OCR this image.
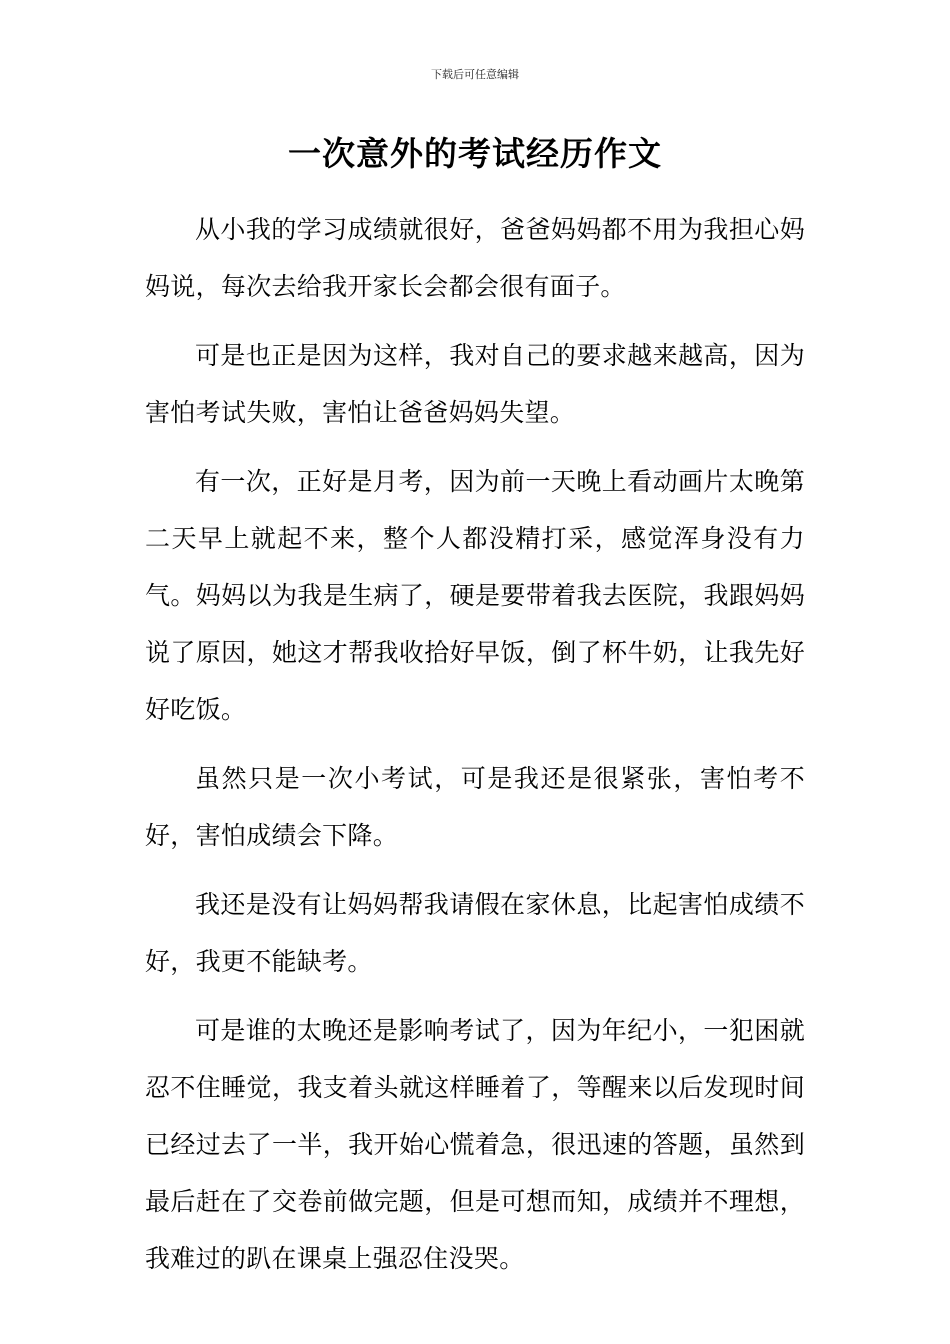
下载后可任意编辑
一次意外的考试经历作文

从小我的学习成绩就很好，爸爸妈妈都不用为我担心妈妈说，每次去给我开家长会都会很有面子。

可是也正是因为这样，我对自己的要求越来越高，因为害怕考试失败，害怕让爸爸妈妈失望。

有一次，正好是月考，因为前一天晚上看动画片太晚第二天早上就起不来，整个人都没精打采，感觉浑身没有力气。妈妈以为我是生病了，硬是要带着我去医院，我跟妈妈说了原因，她这才帮我收拾好早饭，倒了杯牛奶，让我先好好吃饭。

虽然只是一次小考试，可是我还是很紧张，害怕考不好，害怕成绩会下降。

我还是没有让妈妈帮我请假在家休息，比起害怕成绩不好，我更不能缺考。

可是谁的太晚还是影响考试了，因为年纪小，一犯困就忍不住睡觉，我支着头就这样睡着了，等醒来以后发现时间已经过去了一半，我开始心慌着急，很迅速的答题，虽然到最后赶在了交卷前做完题，但是可想而知，成绩并不理想，我难过的趴在课桌上强忍住没哭。
